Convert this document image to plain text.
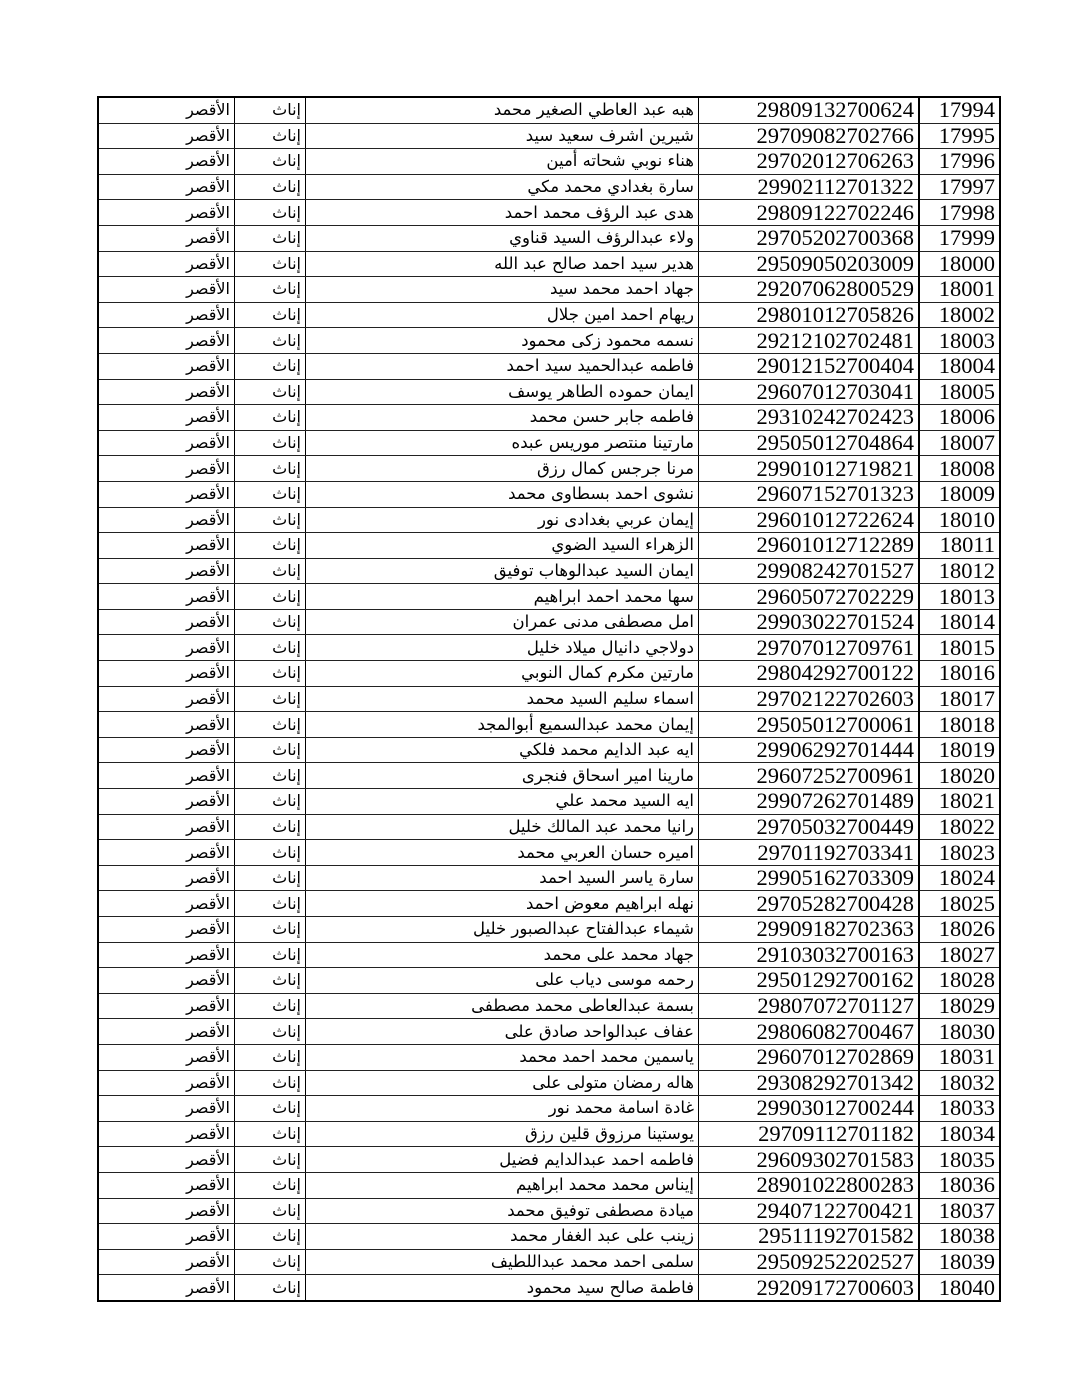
الأقصر	إناث	هبه عبد العاطي الصغير محمد	29809132700624	17994
الأقصر	إناث	شيرين اشرف سعيد سيد	29709082702766	17995
الأقصر	إناث	هناء نوبي شحاته أمين	29702012706263	17996
الأقصر	إناث	سارة بغدادي محمد مكي	29902112701322	17997
الأقصر	إناث	هدى عبد الرؤف محمد احمد	29809122702246	17998
الأقصر	إناث	ولاء عبدالرؤف السيد قناوي	29705202700368	17999
الأقصر	إناث	هدير سيد احمد صالح عبد الله	29509050203009	18000
الأقصر	إناث	جهاد احمد محمد سيد	29207062800529	18001
الأقصر	إناث	ريهام احمد امين جلال	29801012705826	18002
الأقصر	إناث	نسمه محمود زكى محمود	29212102702481	18003
الأقصر	إناث	فاطمه عبدالحميد سيد احمد	29012152700404	18004
الأقصر	إناث	ايمان حموده الطاهر يوسف	29607012703041	18005
الأقصر	إناث	فاطمه جابر حسن محمد	29310242702423	18006
الأقصر	إناث	مارتينا منتصر موريس عبده	29505012704864	18007
الأقصر	إناث	مرنا جرجس كمال رزق	29901012719821	18008
الأقصر	إناث	نشوى احمد بسطاوى محمد	29607152701323	18009
الأقصر	إناث	إيمان عربي بغدادى نور	29601012722624	18010
الأقصر	إناث	الزهراء السيد الضوي	29601012712289	18011
الأقصر	إناث	ايمان السيد عبدالوهاب توفيق	29908242701527	18012
الأقصر	إناث	سها محمد احمد ابراهيم	29605072702229	18013
الأقصر	إناث	امل مصطفى مدنى عمران	29903022701524	18014
الأقصر	إناث	دولاجي دانيال ميلاد خليل	29707012709761	18015
الأقصر	إناث	مارتين مكرم كمال النوبي	29804292700122	18016
الأقصر	إناث	اسماء سليم السيد محمد	29702122702603	18017
الأقصر	إناث	إيمان محمد عبدالسميع أبوالمجد	29505012700061	18018
الأقصر	إناث	ايه عبد الدايم محمد فلكي	29906292701444	18019
الأقصر	إناث	مارينا امير اسحاق فنجرى	29607252700961	18020
الأقصر	إناث	ايه السيد محمد علي	29907262701489	18021
الأقصر	إناث	رانيا محمد عبد المالك خليل	29705032700449	18022
الأقصر	إناث	اميره حسان العربي محمد	29701192703341	18023
الأقصر	إناث	سارة ياسر السيد احمد	29905162703309	18024
الأقصر	إناث	نهله ابراهيم معوض احمد	29705282700428	18025
الأقصر	إناث	شيماء عبدالفتاح عبدالصبور خليل	29909182702363	18026
الأقصر	إناث	جهاد محمد على محمد	29103032700163	18027
الأقصر	إناث	رحمه موسى دياب على	29501292700162	18028
الأقصر	إناث	بسمة عبدالعاطى محمد مصطفى	29807072701127	18029
الأقصر	إناث	عفاف عبدالواحد صادق على	29806082700467	18030
الأقصر	إناث	ياسمين محمد احمد محمد	29607012702869	18031
الأقصر	إناث	هاله رمضان متولى على	29308292701342	18032
الأقصر	إناث	غادة اسامة محمد نور	29903012700244	18033
الأقصر	إناث	يوستينا مرزوق قلين رزق	29709112701182	18034
الأقصر	إناث	فاطمه احمد عبدالدايم فضيل	29609302701583	18035
الأقصر	إناث	إيناس محمد محمد ابراهيم	28901022800283	18036
الأقصر	إناث	ميادة مصطفى توفيق محمد	29407122700421	18037
الأقصر	إناث	زينب على عبد الغفار محمد	29511192701582	18038
الأقصر	إناث	سلمى احمد محمد عبداللطيف	29509252202527	18039
الأقصر	إناث	فاطمة صالح سيد محمود	29209172700603	18040
